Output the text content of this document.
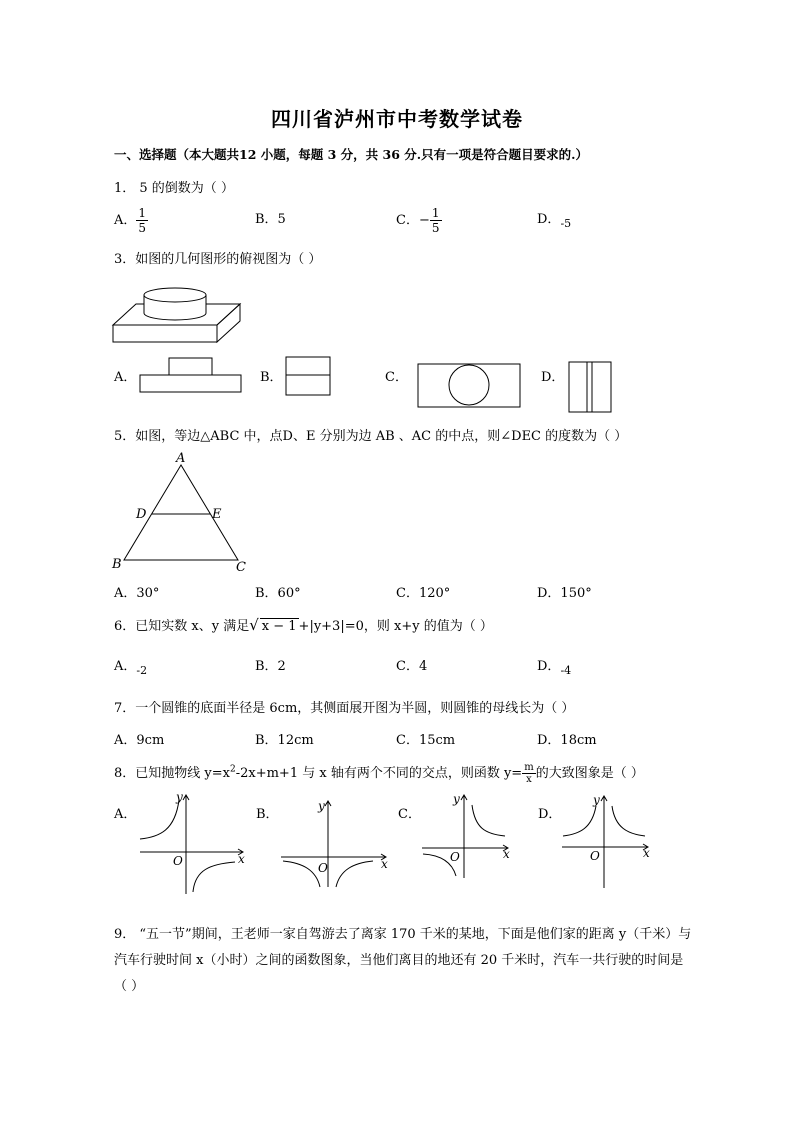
四川省泸州市中考数学试卷
一、选择题（本大题共12 小题，每题 3 分，共 36 分.只有一项是符合题目要求的.）
1． 5 的倒数为（ ）
A． $\frac{1}{5}$	B．5	C．− $\frac{1}{5}$	D．$_{-5}$
3．如图的几何图形的俯视图为（ ）
A．	B．	C．	D．
5．如图，等边△ABC 中，点D、E 分别为边 AB 、AC 的中点，则∠DEC 的度数为（ ）
A
B	C
D	E
A．30°	B．60°	C．120°	D．150°
6．已知实数 x、y 满足√ x − 1 +|y+3|=0，则 x+y 的值为（ ）
A．$_{-2}$	B．2	C．4	D．$_{-4}$
7．一个圆锥的底面半径是 6cm，其侧面展开图为半圆，则圆锥的母线长为（ ）
A．9cm	B．12cm	C．15cm	D．18cm
8．已知抛物线 $y=x^2-2x+m+1$ 与 x 轴有两个不同的交点，则函数 $y= \frac{m}{x}$ 的大致图象是（ ）
A．
y
x
O
B．
y
x
O
C．
y
x
O
D．
y
x
O
9． “五一节”期间，王老师一家自驾游去了离家 170 千米的某地，下面是他们家的距离 y（千米）与汽车行驶时间 x（小时）之间的函数图象，当他们离目的地还有 20 千米时，汽车一共行驶的时间是（ ）
